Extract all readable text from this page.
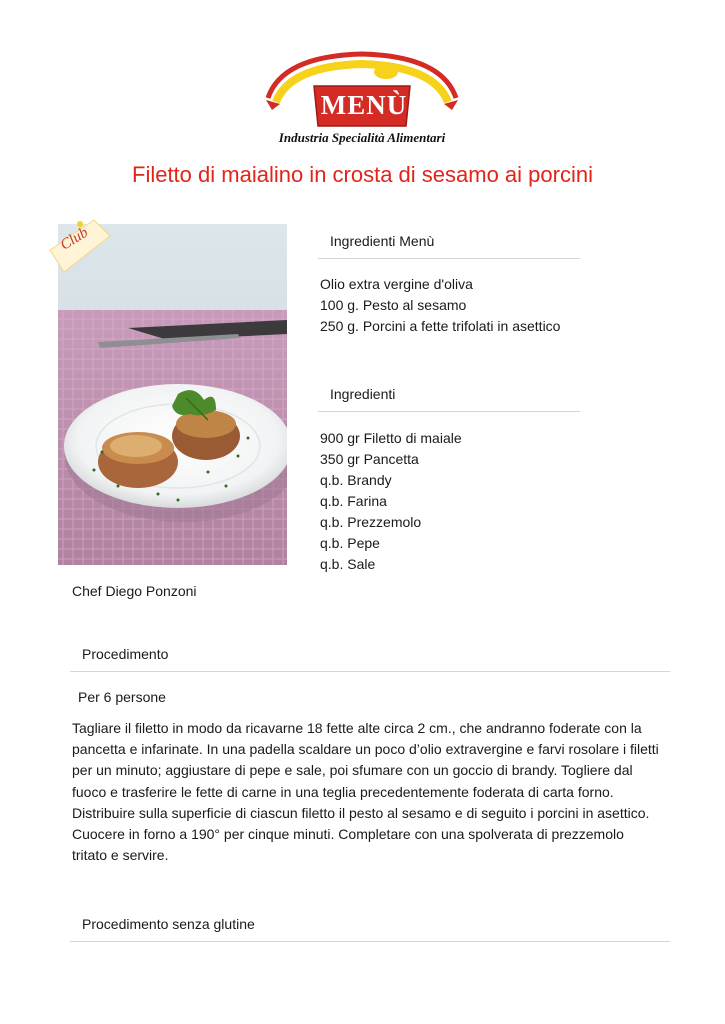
MENÙ
Industria Specialità Alimentari
Filetto di maialino in crosta di sesamo ai porcini
Club
Chef Diego Ponzoni
Ingredienti Menù
Olio extra vergine d'oliva
100 g. Pesto al sesamo
250 g. Porcini a fette trifolati in asettico
Ingredienti
900 gr Filetto di maiale
350 gr Pancetta
q.b. Brandy
q.b. Farina
q.b. Prezzemolo
q.b. Pepe
q.b. Sale
Procedimento
Per 6 persone

Tagliare il filetto in modo da ricavarne 18 fette alte circa 2 cm., che andranno foderate con la pancetta e infarinate. In una padella scaldare un poco d’olio extravergine e farvi rosolare i filetti per un minuto; aggiustare di pepe e sale, poi sfumare con un goccio di brandy. Togliere dal fuoco e trasferire le fette di carne in una teglia precedentemente foderata di carta forno. Distribuire sulla superficie di ciascun filetto il pesto al sesamo e di seguito i porcini in asettico. Cuocere in forno a 190° per cinque minuti. Completare con una spolverata di prezzemolo tritato e servire.

Procedimento senza glutine
